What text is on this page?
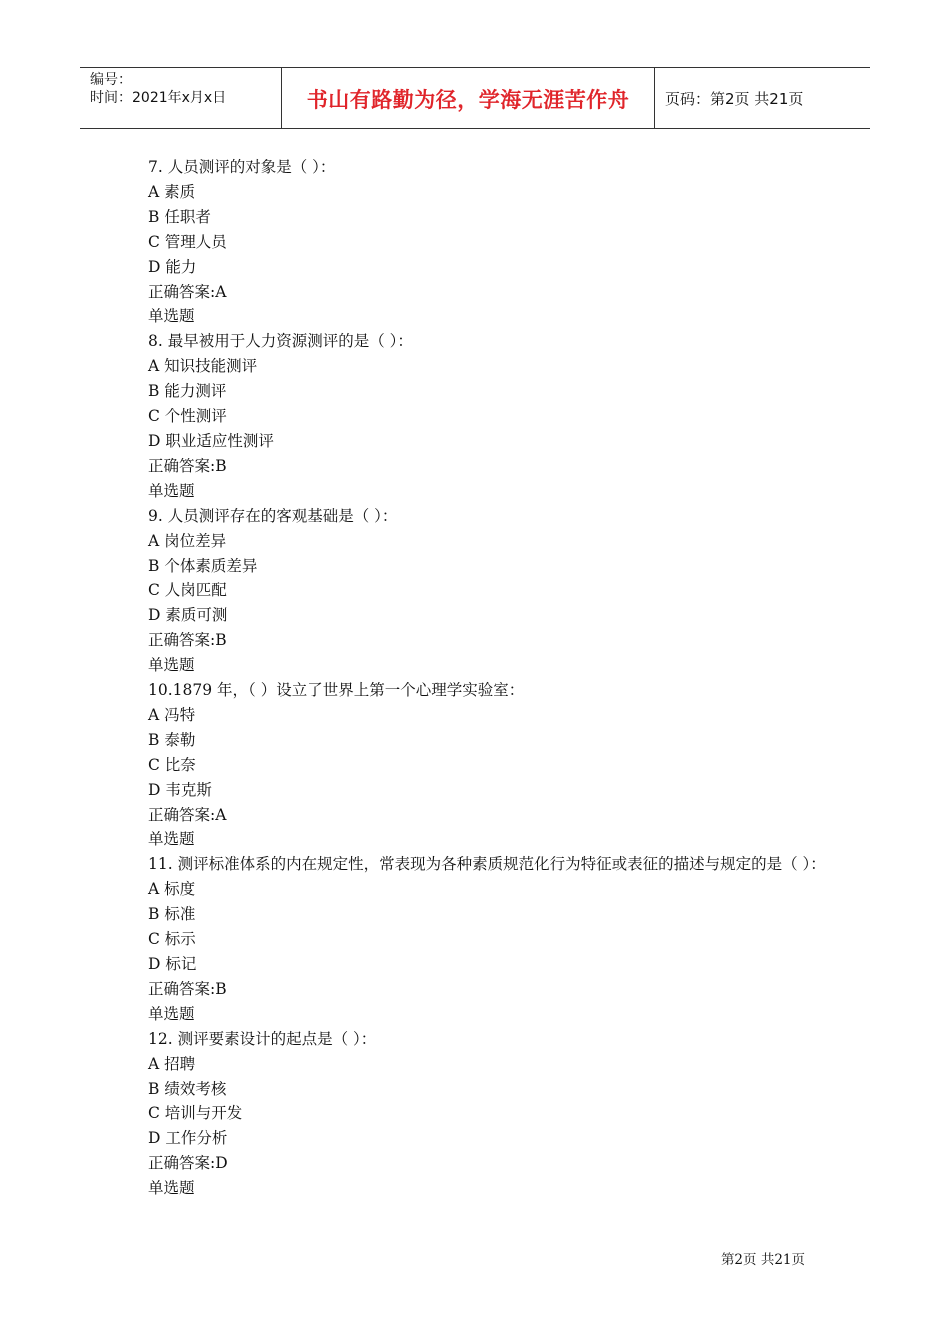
编号：
时间：2021年x月x日	书山有路勤为径，学海无涯苦作舟	页码：第2页 共21页
7. 人员测评的对象是（ ）：
A 素质
B 任职者
C 管理人员
D 能力
正确答案:A
单选题
8. 最早被用于人力资源测评的是（ ）：
A 知识技能测评
B 能力测评
C 个性测评
D 职业适应性测评
正确答案:B
单选题
9. 人员测评存在的客观基础是（ ）：
A 岗位差异
B 个体素质差异
C 人岗匹配
D 素质可测
正确答案:B
单选题
10.1879 年，（ ）设立了世界上第一个心理学实验室：
A 冯特
B 泰勒
C 比奈
D 韦克斯
正确答案:A
单选题
11. 测评标准体系的内在规定性，常表现为各种素质规范化行为特征或表征的描述与规定的是（ ）：
A 标度
B 标准
C 标示
D 标记
正确答案:B
单选题
12. 测评要素设计的起点是（ ）：
A 招聘
B 绩效考核
C 培训与开发
D 工作分析
正确答案:D
单选题
第2页 共21页
